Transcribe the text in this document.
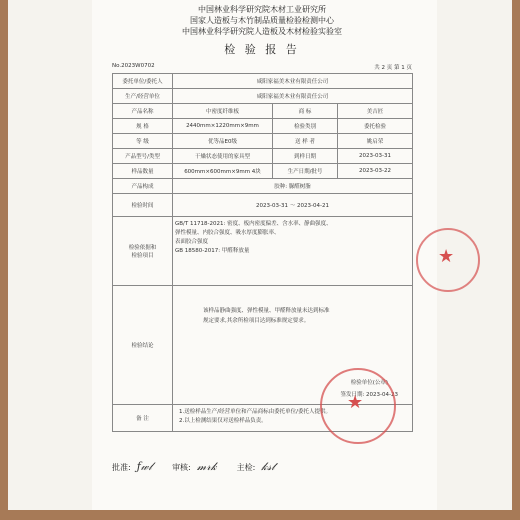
中国林业科学研究院木材工业研究所
国家人造板与木竹制品质量检验检测中心
中国林业科学研究院人造板及木材检验实验室
检 验 报 告
No.2023W0702	共 2 页 第 1 页
委托单位/委托人	咸阳家福美木业有限责任公司		
生产/经营单位	咸阳家福美木业有限责任公司		
产品名称	中密度纤维板	商 标	美吉匠
规 格	2440mm×1220mm×9mm	检验类别	委托检验
等 级	优等品E0级	送 样 者	姚启荣
产品型号/类型	干燥状态使用的家具型	到样日期	2023-03-31
样品数量	600mm×600mm×9mm 4块	生产日期/批号	2023-03-22
产品构成	胶种: 脲醛树脂		
检验时间	2023-03-31 ～ 2023-04-21		
检验依据和
检验项目	GB/T 11718-2021: 密度、板内密度偏差、含水率、静曲强度、
弹性模量、内胶合强度、吸水厚度膨胀率、
表面胶合强度
GB 18580-2017: 甲醛释放量		
检验结论	该样品静曲强度、弹性模量、甲醛释放量未达到标准
规定要求,其余所检项目达到标准规定要求。
检验单位(公章)
签发日期: 2023-04-23		

备 注	1.送检样品生产/经营单位和产品商标由委托单位/委托人提供。
2.以上检测结果仅对送检样品负责。		
★
★
批准: ƒ𝓌𝓁	审核: 𝓂𝓇𝓀	主检: 𝓀𝓈𝓉
